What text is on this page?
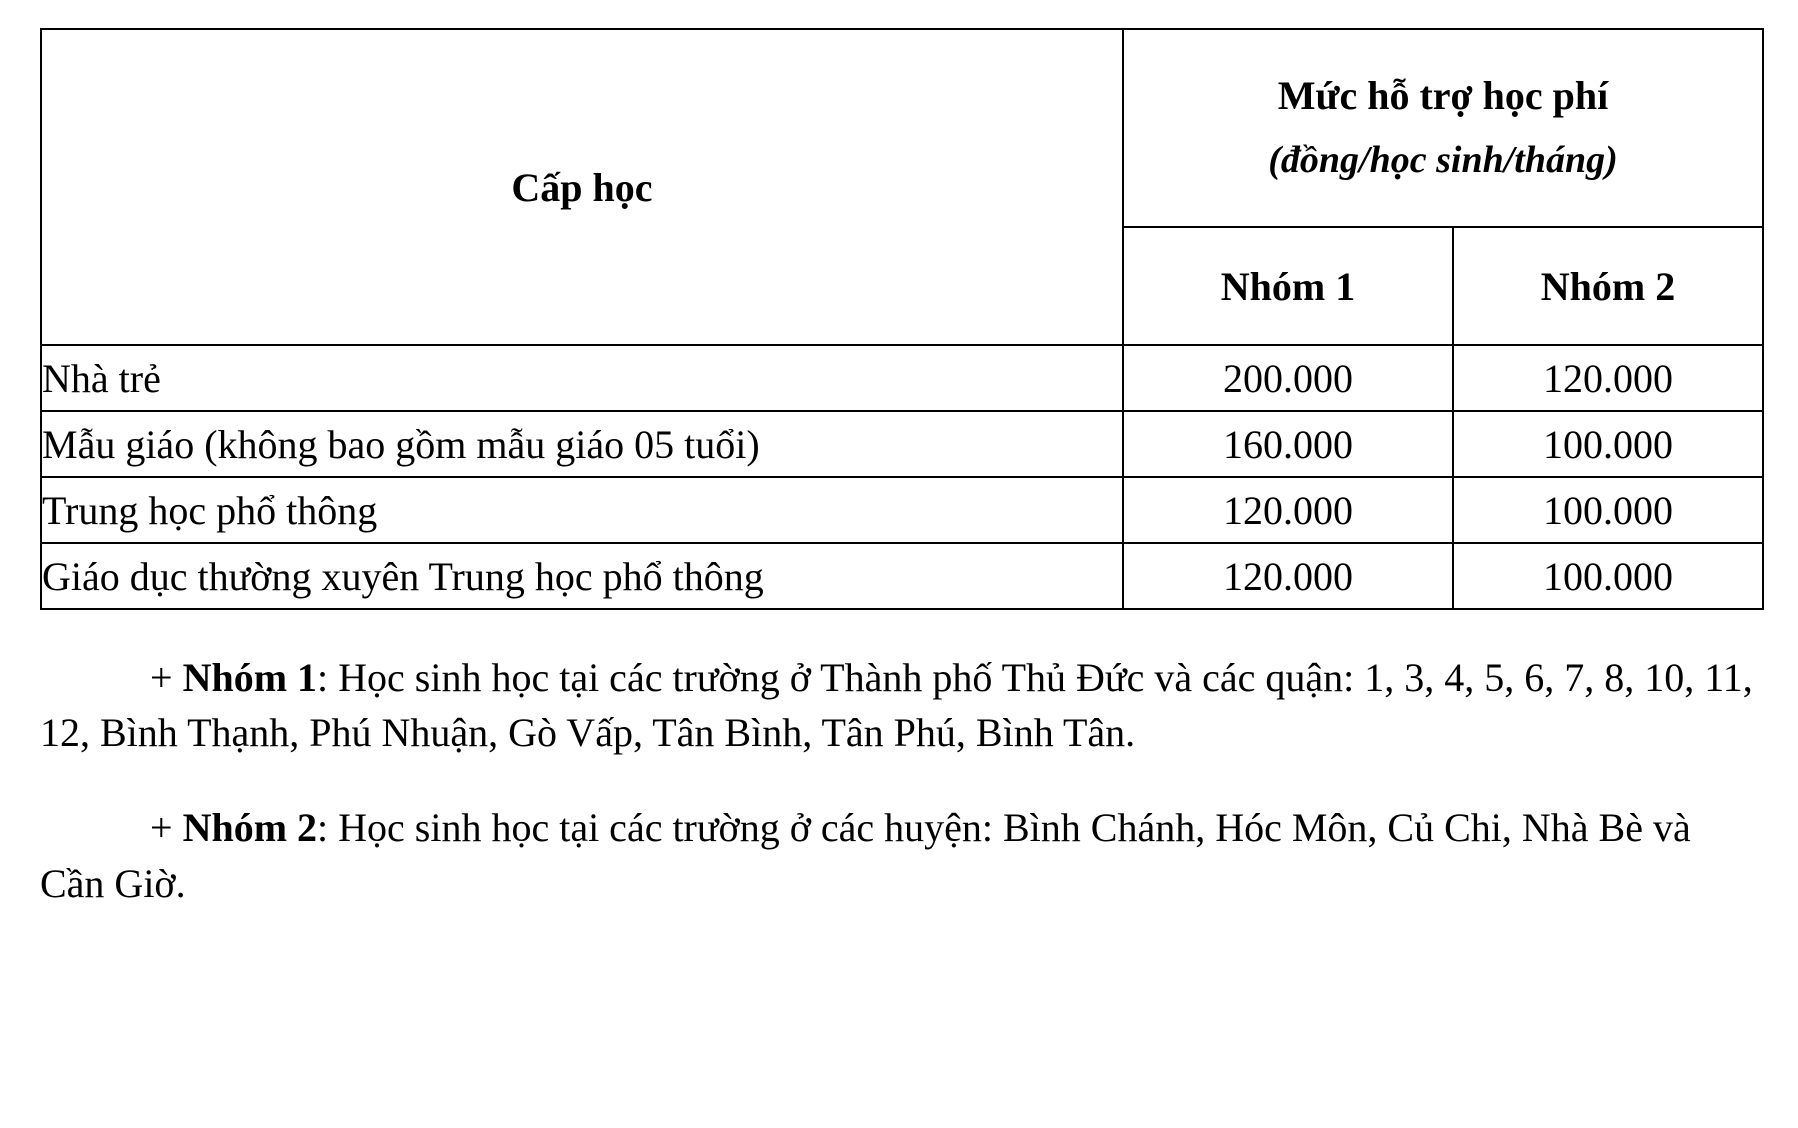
Cấp học	Mức hỗ trợ học phí
(đồng/học sinh/tháng)	

	Nhóm 1	Nhóm 2
Nhà trẻ	200.000	120.000
Mẫu giáo (không bao gồm mẫu giáo 05 tuổi)	160.000	100.000
Trung học phổ thông	120.000	100.000
Giáo dục thường xuyên Trung học phổ thông	120.000	100.000

+ Nhóm 1: Học sinh học tại các trường ở Thành phố Thủ Đức và các quận: 1, 3, 4, 5, 6, 7, 8, 10, 11, 12, Bình Thạnh, Phú Nhuận, Gò Vấp, Tân Bình, Tân Phú, Bình Tân.

+ Nhóm 2: Học sinh học tại các trường ở các huyện: Bình Chánh, Hóc Môn, Củ Chi, Nhà Bè và Cần Giờ.
